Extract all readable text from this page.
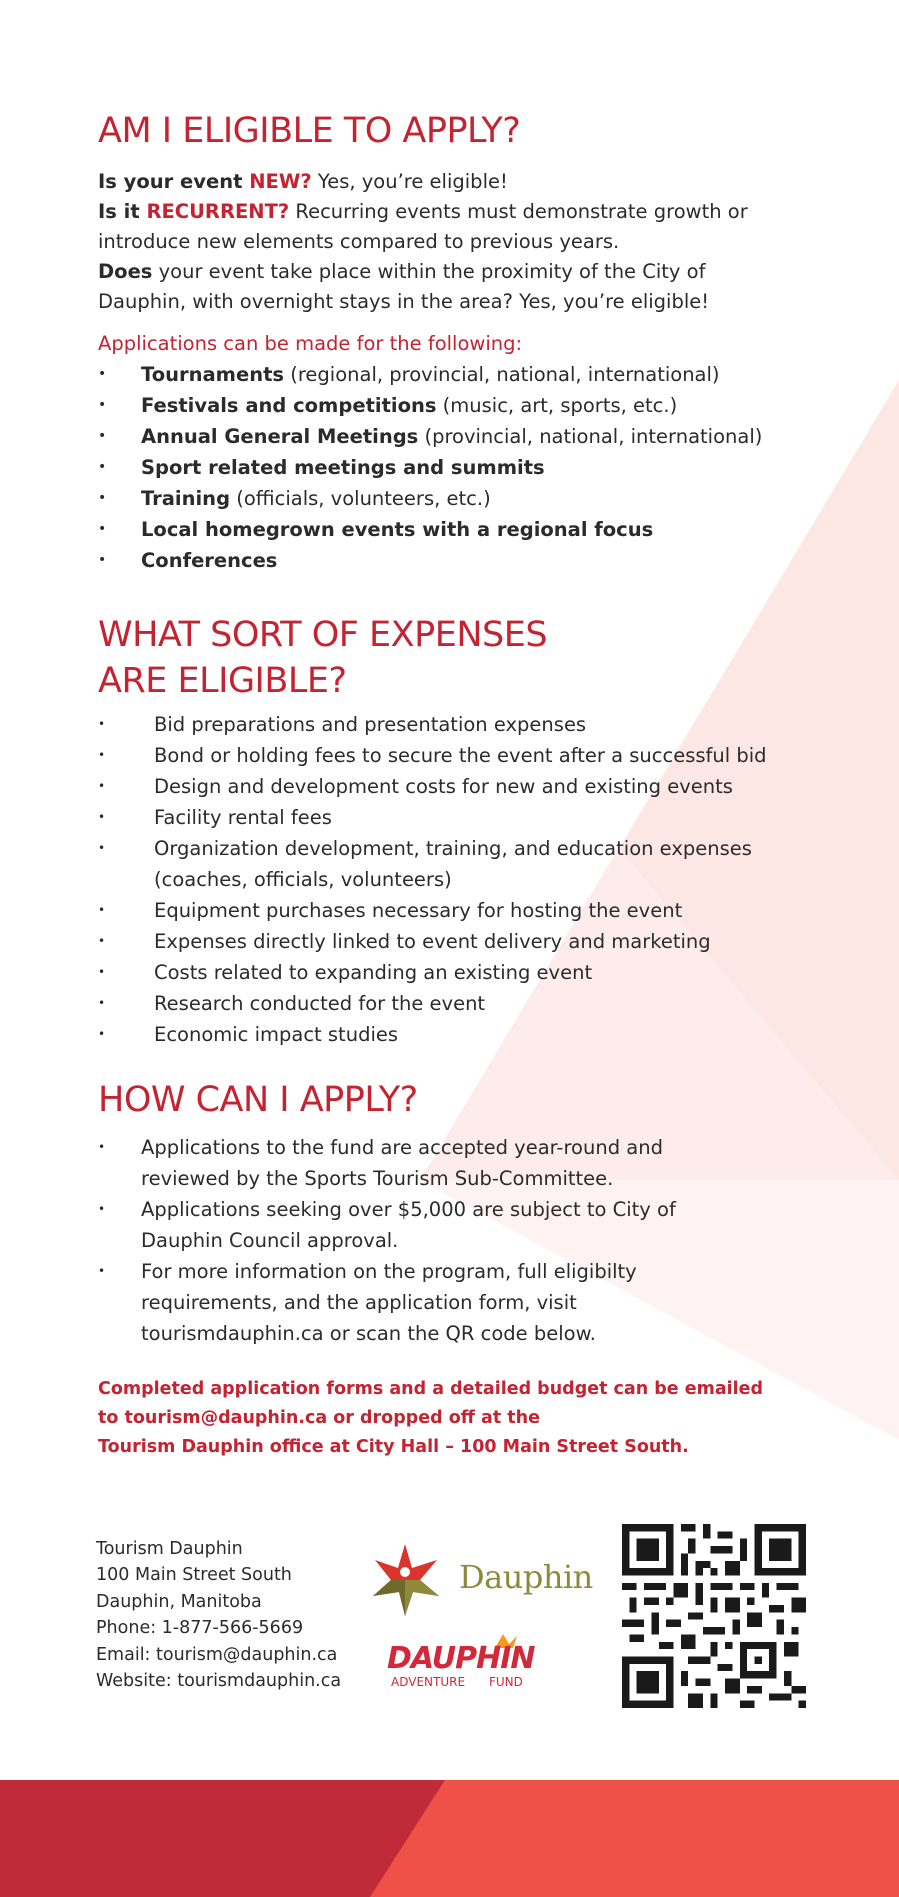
AM I ELIGIBLE TO APPLY?

Is your event NEW? Yes, you’re eligible!

Is it RECURRENT? Recurring events must demonstrate growth or introduce new elements compared to previous years.

Does your event take place within the proximity of the City of Dauphin, with overnight stays in the area? Yes, you’re eligible!

Applications can be made for the following:
• Tournaments (regional, provincial, national, international)
• Festivals and competitions (music, art, sports, etc.)
• Annual General Meetings (provincial, national, international)
• Sport related meetings and summits
• Training (officials, volunteers, etc.)
• Local homegrown events with a regional focus
• Conferences
WHAT SORT OF EXPENSES
ARE ELIGIBLE?
•	Bid preparations and presentation expenses
•	Bond or holding fees to secure the event after a successful bid
•	Design and development costs for new and existing events
•	Facility rental fees
•	Organization development, training, and education expenses
(coaches, officials, volunteers)
•	Equipment purchases necessary for hosting the event
•	Expenses directly linked to event delivery and marketing
•	Costs related to expanding an existing event
•	Research conducted for the event
•	Economic impact studies
HOW CAN I APPLY?
• Applications to the fund are accepted year-round and
reviewed by the Sports Tourism Sub-Committee.
• Applications seeking over $5,000 are subject to City of
Dauphin Council approval.
• For more information on the program, full eligibilty
requirements, and the application form, visit
tourismdauphin.ca or scan the QR code below.

Completed application forms and a detailed budget can be emailed

to tourism@dauphin.ca or dropped off at the

Tourism Dauphin office at City Hall – 100 Main Street South.

Tourism Dauphin
100 Main Street South
Dauphin, Manitoba
Phone: 1-877-566-5669
Email: tourism@dauphin.ca
Website: tourismdauphin.ca
Dauphin
DAUPHIN
ADVENTURE FUND
